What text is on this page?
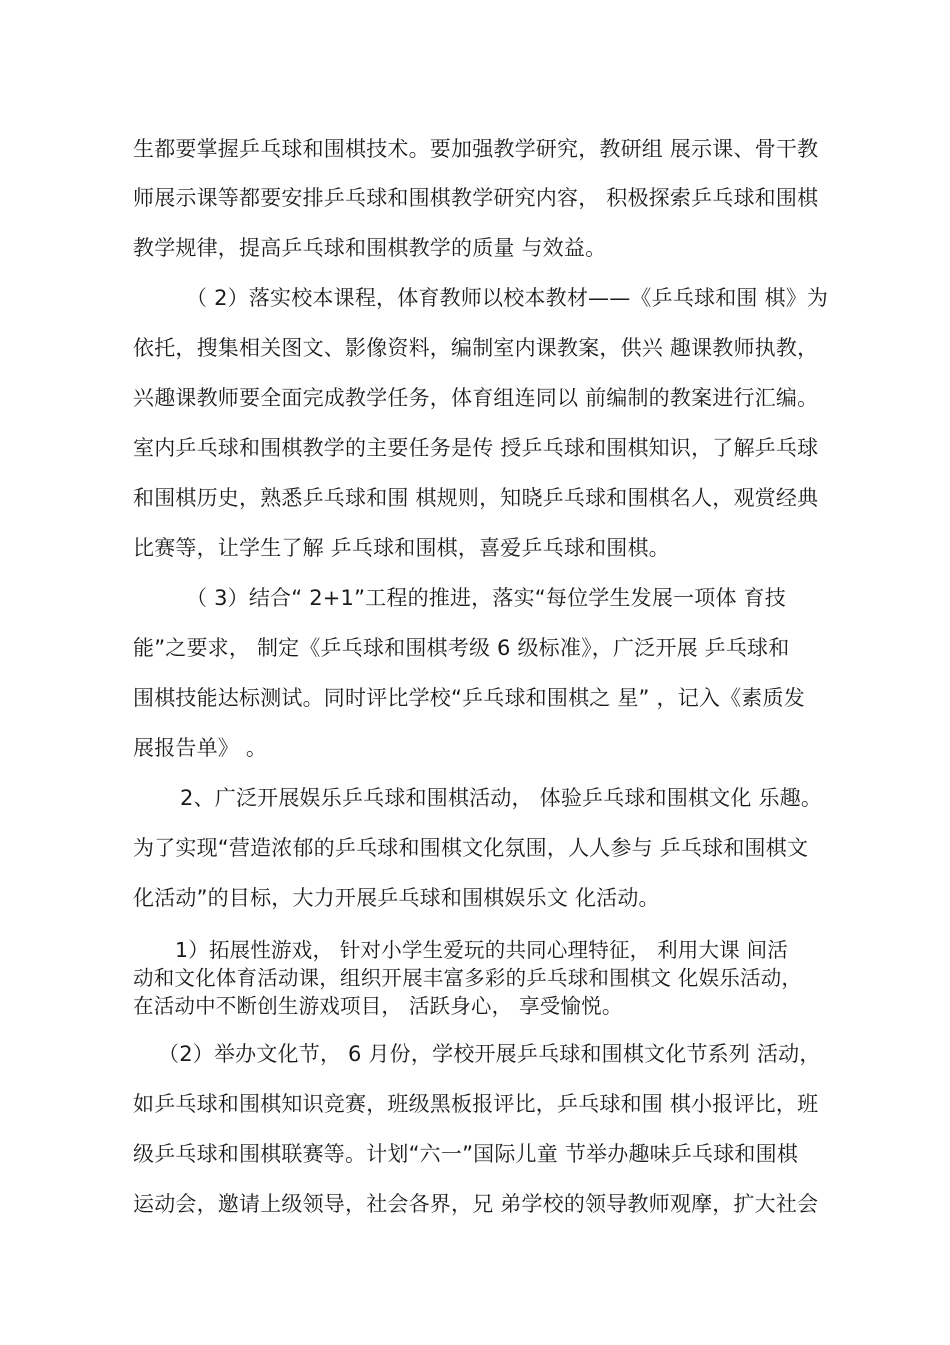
生都要掌握乒乓球和围棋技术。要加强教学研究，教研组 展示课、骨干教
师展示课等都要安排乒乓球和围棋教学研究内容， 积极探索乒乓球和围棋
教学规律，提高乒乓球和围棋教学的质量 与效益。
（ 2）落实校本课程，体育教师以校本教材——《乒乓球和围 棋》为
依托，搜集相关图文、影像资料，编制室内课教案，供兴 趣课教师执教，
兴趣课教师要全面完成教学任务，体育组连同以 前编制的教案进行汇编。
室内乒乓球和围棋教学的主要任务是传 授乒乓球和围棋知识，了解乒乓球
和围棋历史，熟悉乒乓球和围 棋规则，知晓乒乓球和围棋名人，观赏经典
比赛等，让学生了解 乒乓球和围棋，喜爱乒乓球和围棋。
（ 3）结合“ 2+1”工程的推进，落实“每位学生发展一项体 育技
能”之要求， 制定《乒乓球和围棋考级 6 级标准》，广泛开展 乒乓球和
围棋技能达标测试。同时评比学校“乒乓球和围棋之 星” ，记入《素质发
展报告单》 。
2、广泛开展娱乐乒乓球和围棋活动， 体验乒乓球和围棋文化 乐趣。
为了实现“营造浓郁的乒乓球和围棋文化氛围，人人参与 乒乓球和围棋文
化活动”的目标，大力开展乒乓球和围棋娱乐文 化活动。
1）拓展性游戏， 针对小学生爱玩的共同心理特征， 利用大课 间活
动和文化体育活动课，组织开展丰富多彩的乒乓球和围棋文 化娱乐活动，
在活动中不断创生游戏项目， 活跃身心， 享受愉悦。
（2）举办文化节， 6 月份，学校开展乒乓球和围棋文化节系列 活动，
如乒乓球和围棋知识竞赛，班级黑板报评比，乒乓球和围 棋小报评比，班
级乒乓球和围棋联赛等。计划“六一”国际儿童 节举办趣味乒乓球和围棋
运动会，邀请上级领导，社会各界，兄 弟学校的领导教师观摩，扩大社会
